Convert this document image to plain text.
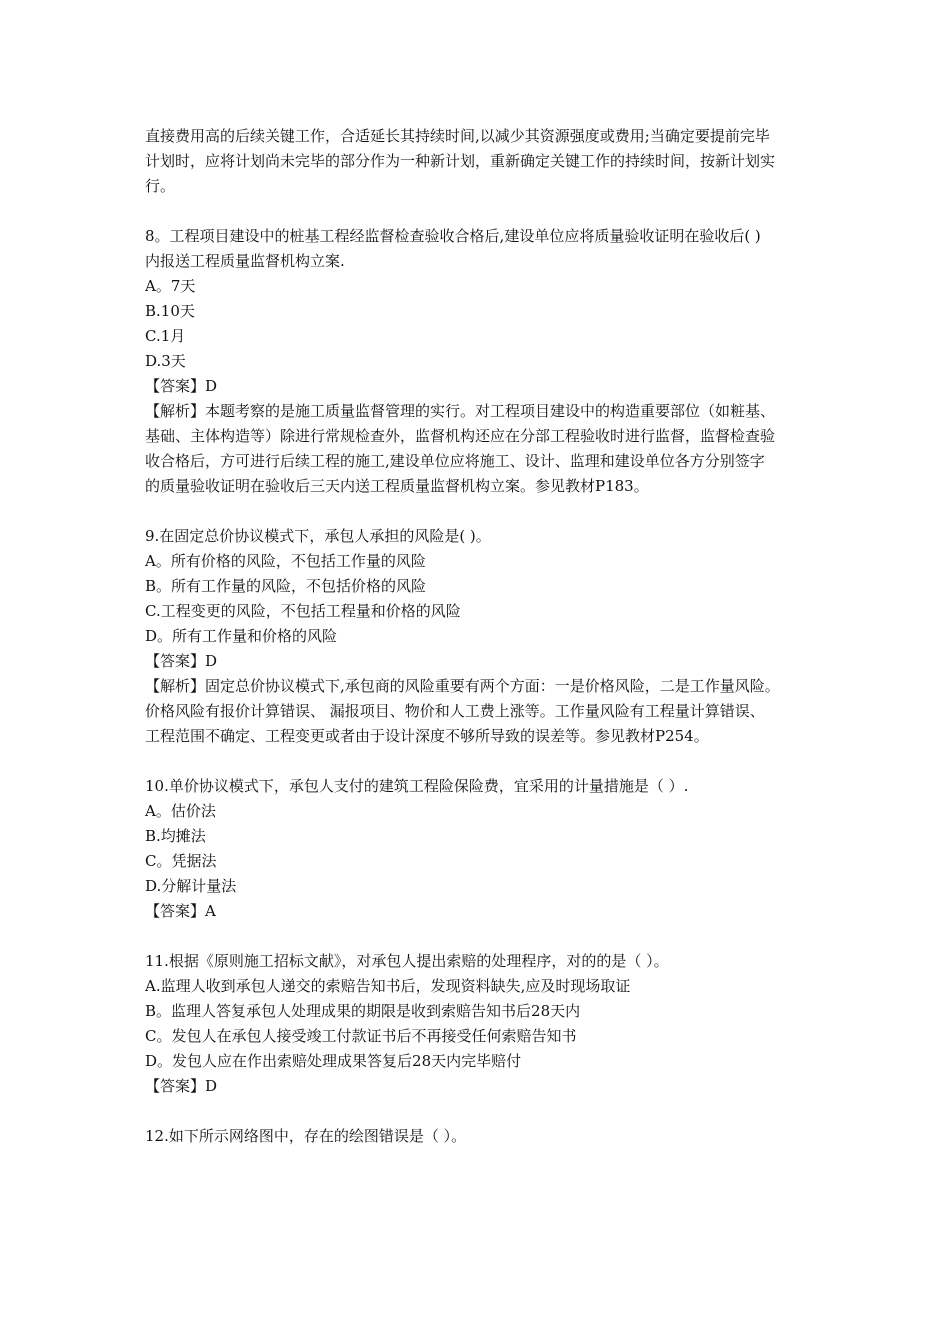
直接费用高的后续关键工作，合适延长其持续时间,以减少其资源强度或费用;当确定要提前完毕
计划时，应将计划尚未完毕的部分作为一种新计划，重新确定关键工作的持续时间，按新计划实
行。
8。工程项目建设中的桩基工程经监督检查验收合格后,建设单位应将质量验收证明在验收后( )
内报送工程质量监督机构立案.
A。7天
B.10天
C.1月
D.3天
【答案】D
【解析】本题考察的是施工质量监督管理的实行。对工程项目建设中的构造重要部位（如粧基、
基础、主体构造等）除进行常规检查外，监督机构还应在分部工程验收时进行监督，监督检查验
收合格后，方可进行后续工程的施工,建设单位应将施工、设计、监理和建设单位各方分别签字
的质量验收证明在验收后三天内送工程质量监督机构立案。参见教材P183。
9.在固定总价协议模式下，承包人承担的风险是( )。
A。所有价格的风险，不包括工作量的风险
B。所有工作量的风险，不包括价格的风险
C.工程变更的风险，不包括工程量和价格的风险
D。所有工作量和价格的风险
【答案】D
【解析】固定总价协议模式下,承包商的风险重要有两个方面：一是价格风险，二是工作量风险。
价格风险有报价计算错误、 漏报项目、物价和人工费上涨等。工作量风险有工程量计算错误、
工程范围不确定、工程变更或者由于设计深度不够所导致的误差等。参见教材P254。
10.单价协议模式下，承包人支付的建筑工程险保险费，宜采用的计量措施是（ ）.
A。估价法
B.均摊法
C。凭据法
D.分解计量法
【答案】A
11.根据《原则施工招标文献》，对承包人提出索赔的处理程序，对的的是（ ）。
A.监理人收到承包人递交的索赔告知书后，发现资料缺失,应及时现场取证
B。监理人答复承包人处理成果的期限是收到索赔告知书后28天内
C。发包人在承包人接受竣工付款证书后不再接受任何索赔告知书
D。发包人应在作出索赔处理成果答复后28天内完毕赔付
【答案】D
12.如下所示网络图中，存在的绘图错误是（ ）。
